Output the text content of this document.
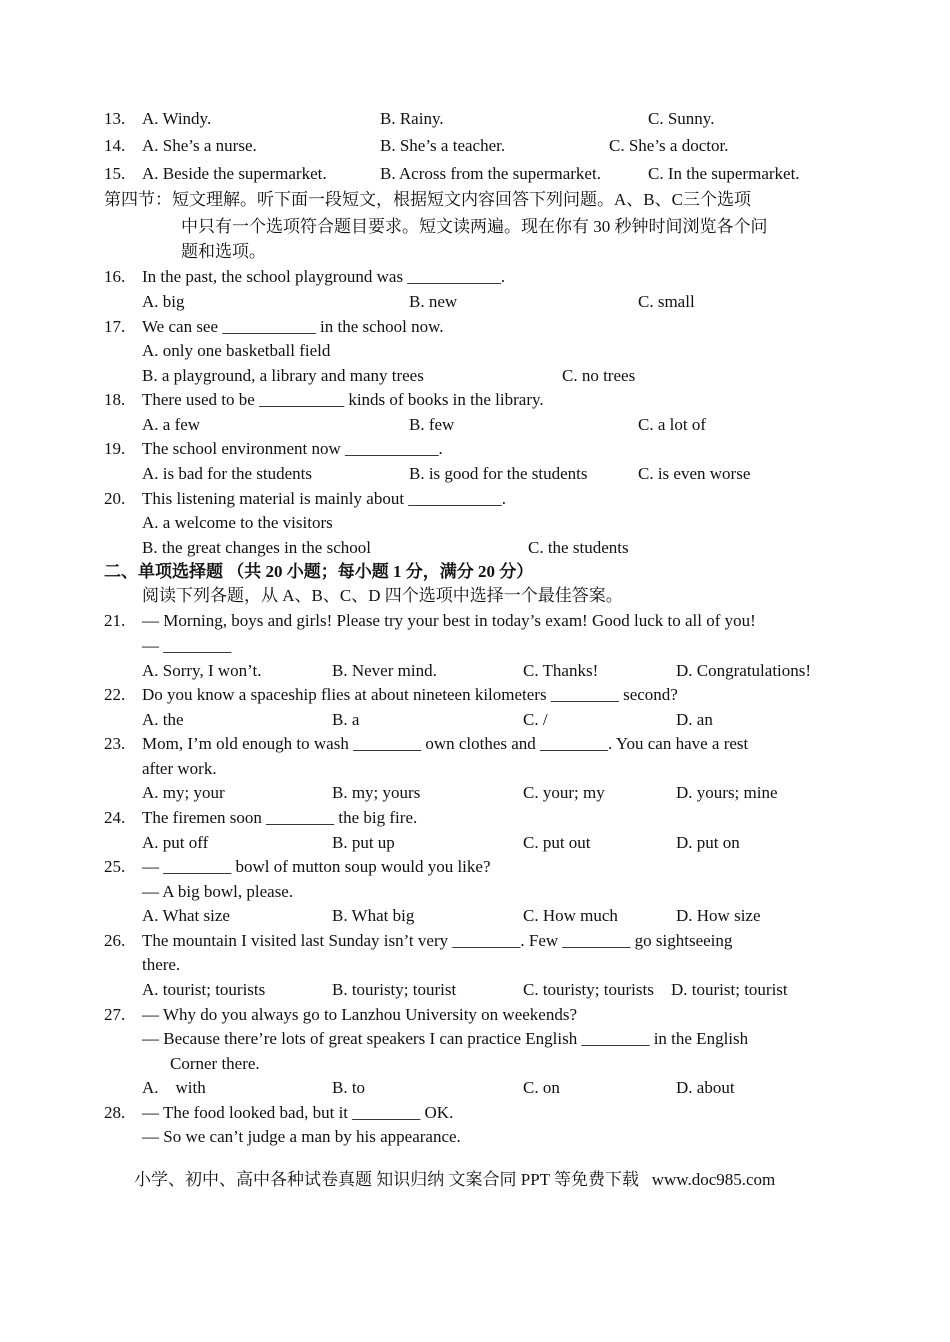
13. A. Windy.	B. Rainy.	C. Sunny.
14. A. She’s a nurse.	B. She’s a teacher.	C. She’s a doctor.
15. A. Beside the supermarket.	B. Across from the supermarket.	C. In the supermarket.
第四节：短文理解。听下面一段短文，根据短文内容回答下列问题。A、B、C三个选项
中只有一个选项符合题目要求。短文读两遍。现在你有 30 秒钟时间浏览各个问
题和选项。
16. In the past, the school playground was ___________.
A. big	B. new	C. small
17. We can see ___________ in the school now.
A. only one basketball field
B. a playground, a library and many trees	C. no trees
18. There used to be __________ kinds of books in the library.
A. a few	B. few	C. a lot of
19. The school environment now ___________.
A. is bad for the students	B. is good for the students	C. is even worse
20. This listening material is mainly about ___________.
A. a welcome to the visitors
B. the great changes in the school	C. the students
二、单项选择题 （共 20 小题；每小题 1 分，满分 20 分）
阅读下列各题，从 A、B、C、D 四个选项中选择一个最佳答案。
21. — Morning, boys and girls! Please try your best in today’s exam! Good luck to all of you!
— ________
A. Sorry, I won’t.	B. Never mind.	C. Thanks!	D. Congratulations!
22. Do you know a spaceship flies at about nineteen kilometers ________ second?
A. the	B. a	C. /	D. an
23. Mom, I’m old enough to wash ________ own clothes and ________. You can have a rest
after work.
A. my; your	B. my; yours	C. your; my	D. yours; mine
24. The firemen soon ________ the big fire.
A. put off	B. put up	C. put out	D. put on
25. — ________ bowl of mutton soup would you like?
— A big bowl, please.
A. What size	B. What big	C. How much	D. How size
26. The mountain I visited last Sunday isn’t very ________. Few ________ go sightseeing
there.
A. tourist; tourists	B. touristy; tourist	C. touristy; tourists D. tourist; tourist
27. — Why do you always go to Lanzhou University on weekends?
— Because there’re lots of great speakers I can practice English ________ in the English
Corner there.
A.    with	B. to	C. on	D. about
28. — The food looked bad, but it ________ OK.
— So we can’t judge a man by his appearance.
小学、初中、高中各种试卷真题 知识归纳 文案合同 PPT 等免费下载   www.doc985.com
